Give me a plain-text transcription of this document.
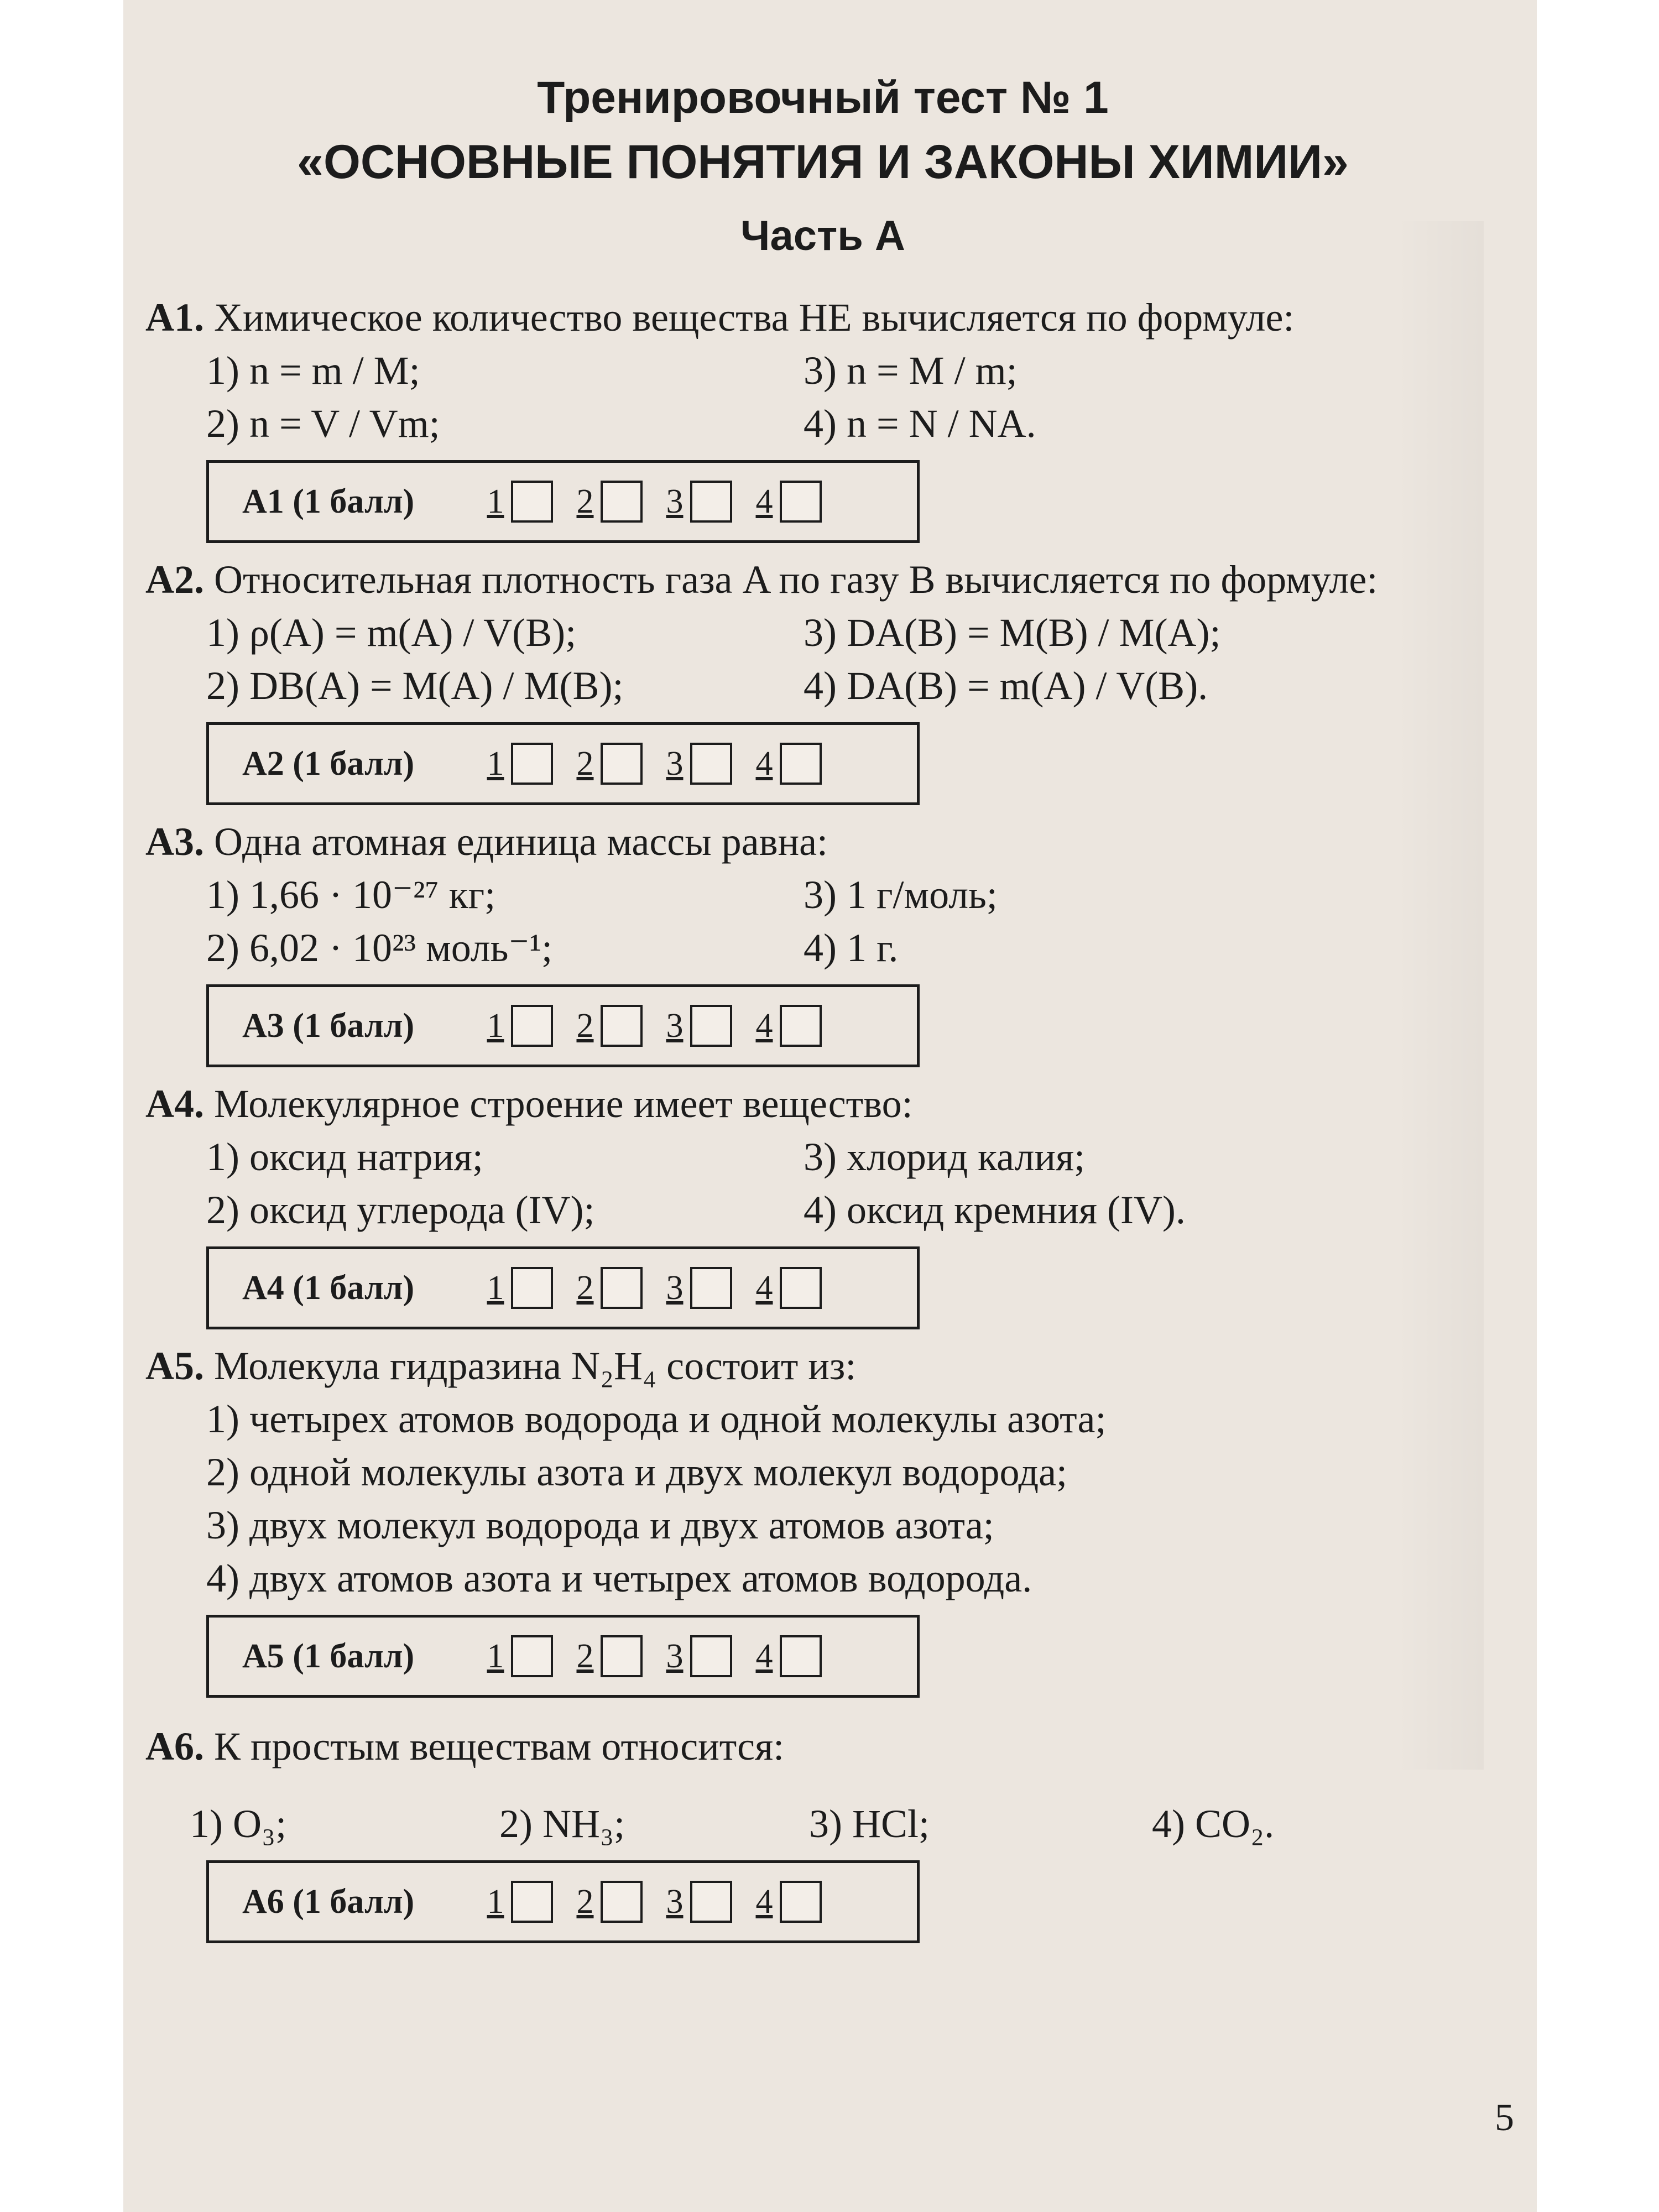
Тренировочный тест № 1
«ОСНОВНЫЕ ПОНЯТИЯ И ЗАКОНЫ ХИМИИ»
Часть А
А1. Химическое количество вещества НЕ вычисляется по формуле:
1) n = m / M;	3) n = M / m;
2) n = V / Vm;	4) n = N / NA.
А1 (1 балл)	1 2 3 4
А2. Относительная плотность газа A по газу B вычисляется по формуле:
1) ρ(A) = m(A) / V(B);	3) DA(B) = M(B) / M(A);
2) DB(A) = M(A) / M(B);	4) DA(B) = m(A) / V(B).
А2 (1 балл)	1 2 3 4
А3. Одна атомная единица массы равна:
1) 1,66 · 10⁻²⁷ кг;	3) 1 г/моль;
2) 6,02 · 10²³ моль⁻¹;	4) 1 г.
А3 (1 балл)	1 2 3 4
А4. Молекулярное строение имеет вещество:
1) оксид натрия;	3) хлорид калия;
2) оксид углерода (IV);	4) оксид кремния (IV).
А4 (1 балл)	1 2 3 4
А5. Молекула гидразина N₂H₄ состоит из:
1) четырех атомов водорода и одной молекулы азота;
2) одной молекулы азота и двух молекул водорода;
3) двух молекул водорода и двух атомов азота;
4) двух атомов азота и четырех атомов водорода.
А5 (1 балл)	1 2 3 4
А6. К простым веществам относится:
1) O₃;	2) NH₃;	3) HCl;	4) CO₂.
А6 (1 балл)	1 2 3 4
5
